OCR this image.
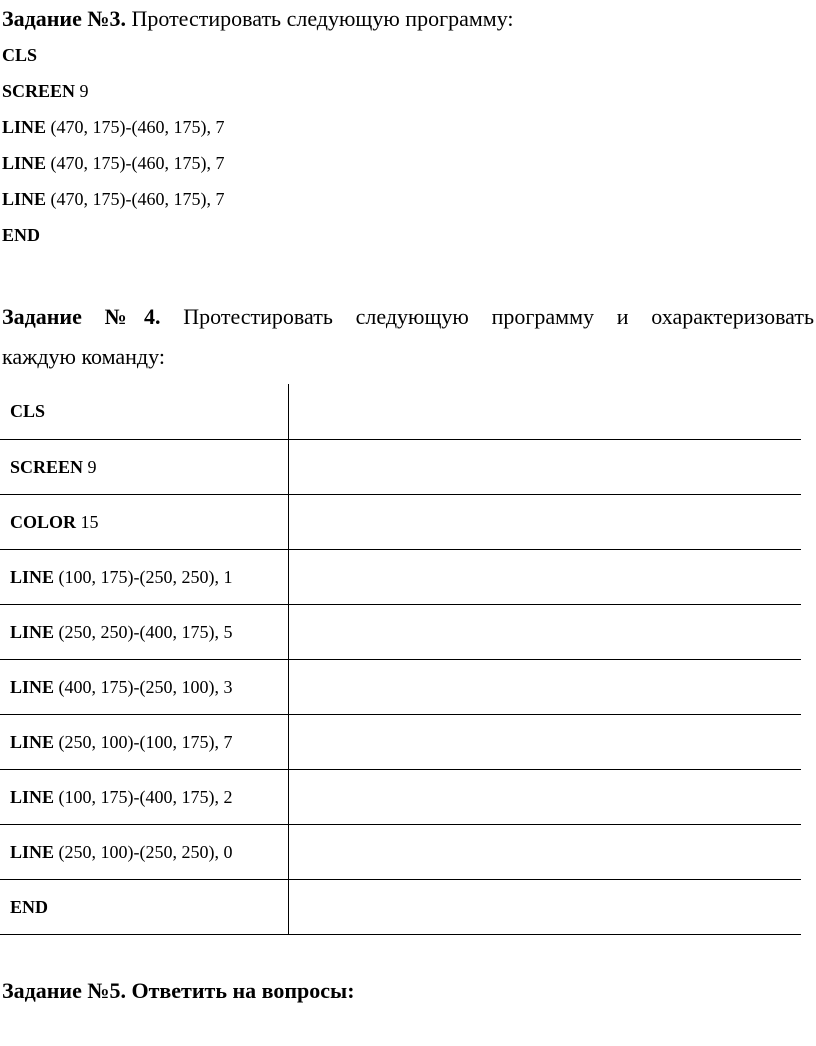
Задание №3. Протестировать следующую программу:
CLS
SCREEN 9
LINE (470, 175)-(460, 175), 7
LINE (470, 175)-(460, 175), 7
LINE (470, 175)-(460, 175), 7
END
Задание №4. Протестировать следующую программу и охарактеризовать
каждую команду:
CLS	
SCREEN 9	
COLOR 15	
LINE (100, 175)-(250, 250), 1	
LINE (250, 250)-(400, 175), 5	
LINE (400, 175)-(250, 100), 3	
LINE (250, 100)-(100, 175), 7	
LINE (100, 175)-(400, 175), 2	
LINE (250, 100)-(250, 250), 0	
END	
Задание №5. Ответить на вопросы:
